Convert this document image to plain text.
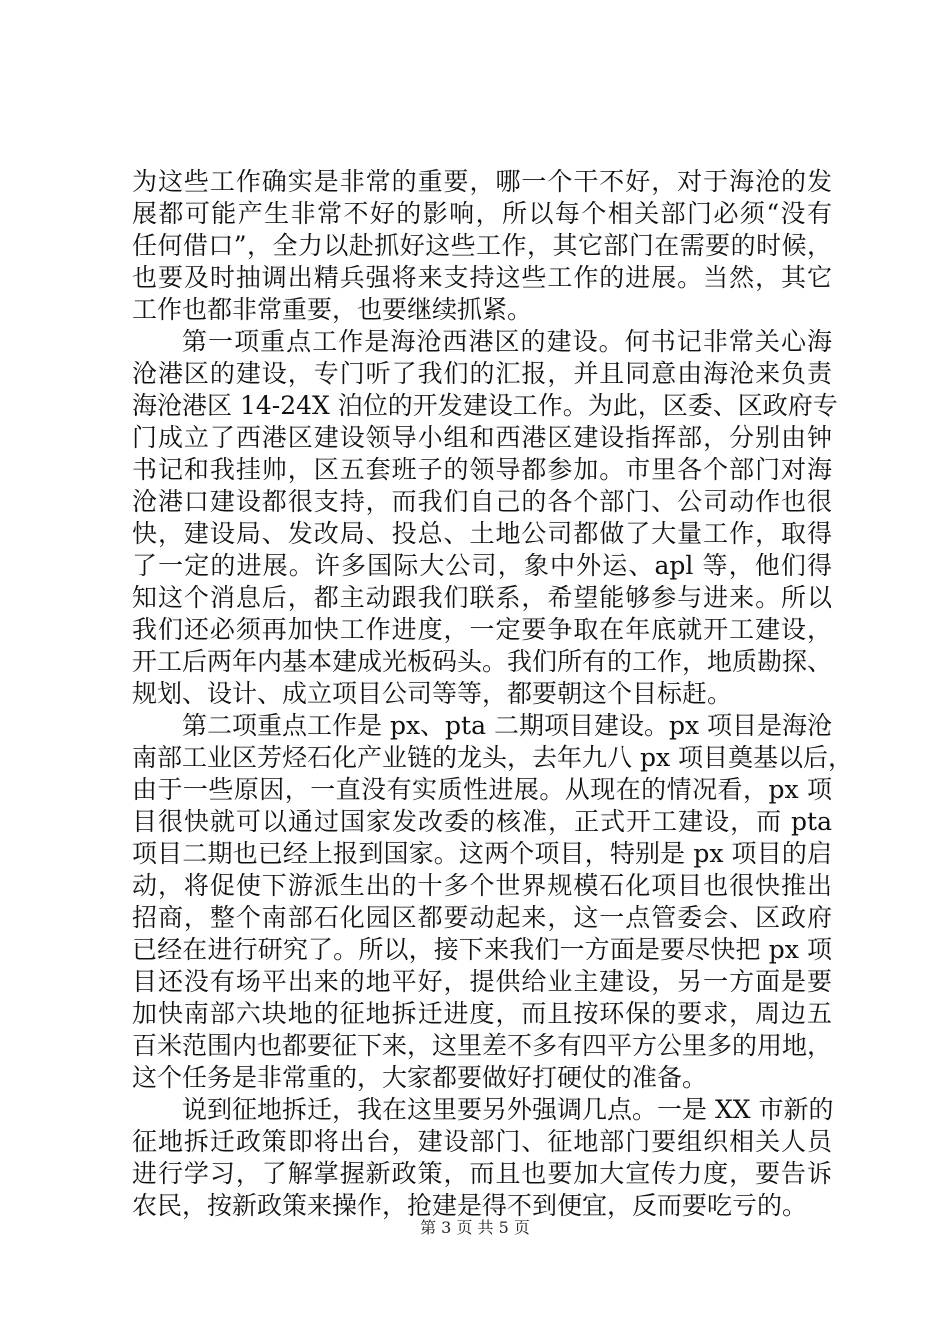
为这些工作确实是非常的重要，哪一个干不好，对于海沧的发
展都可能产生非常不好的影响，所以每个相关部门必须“没有
任何借口”，全力以赴抓好这些工作，其它部门在需要的时候，
也要及时抽调出精兵强将来支持这些工作的进展。当然，其它
工作也都非常重要，也要继续抓紧。
第一项重点工作是海沧西港区的建设。何书记非常关心海
沧港区的建设，专门听了我们的汇报，并且同意由海沧来负责
海沧港区 14-24X 泊位的开发建设工作。为此，区委、区政府专
门成立了西港区建设领导小组和西港区建设指挥部，分别由钟
书记和我挂帅，区五套班子的领导都参加。市里各个部门对海
沧港口建设都很支持，而我们自己的各个部门、公司动作也很
快，建设局、发改局、投总、土地公司都做了大量工作，取得
了一定的进展。许多国际大公司，象中外运、apl 等，他们得
知这个消息后，都主动跟我们联系，希望能够参与进来。所以
我们还必须再加快工作进度，一定要争取在年底就开工建设，
开工后两年内基本建成光板码头。我们所有的工作，地质勘探、
规划、设计、成立项目公司等等，都要朝这个目标赶。
第二项重点工作是 px、pta 二期项目建设。px 项目是海沧
南部工业区芳烃石化产业链的龙头，去年九八 px 项目奠基以后，
由于一些原因，一直没有实质性进展。从现在的情况看，px 项
目很快就可以通过国家发改委的核准，正式开工建设，而 pta
项目二期也已经上报到国家。这两个项目，特别是 px 项目的启
动，将促使下游派生出的十多个世界规模石化项目也很快推出
招商，整个南部石化园区都要动起来，这一点管委会、区政府
已经在进行研究了。所以，接下来我们一方面是要尽快把 px 项
目还没有场平出来的地平好，提供给业主建设，另一方面是要
加快南部六块地的征地拆迁进度，而且按环保的要求，周边五
百米范围内也都要征下来，这里差不多有四平方公里多的用地，
这个任务是非常重的，大家都要做好打硬仗的准备。
说到征地拆迁，我在这里要另外强调几点。一是 XX 市新的
征地拆迁政策即将出台，建设部门、征地部门要组织相关人员
进行学习，了解掌握新政策，而且也要加大宣传力度，要告诉
农民，按新政策来操作，抢建是得不到便宜，反而要吃亏的。
第 3 页 共 5 页
